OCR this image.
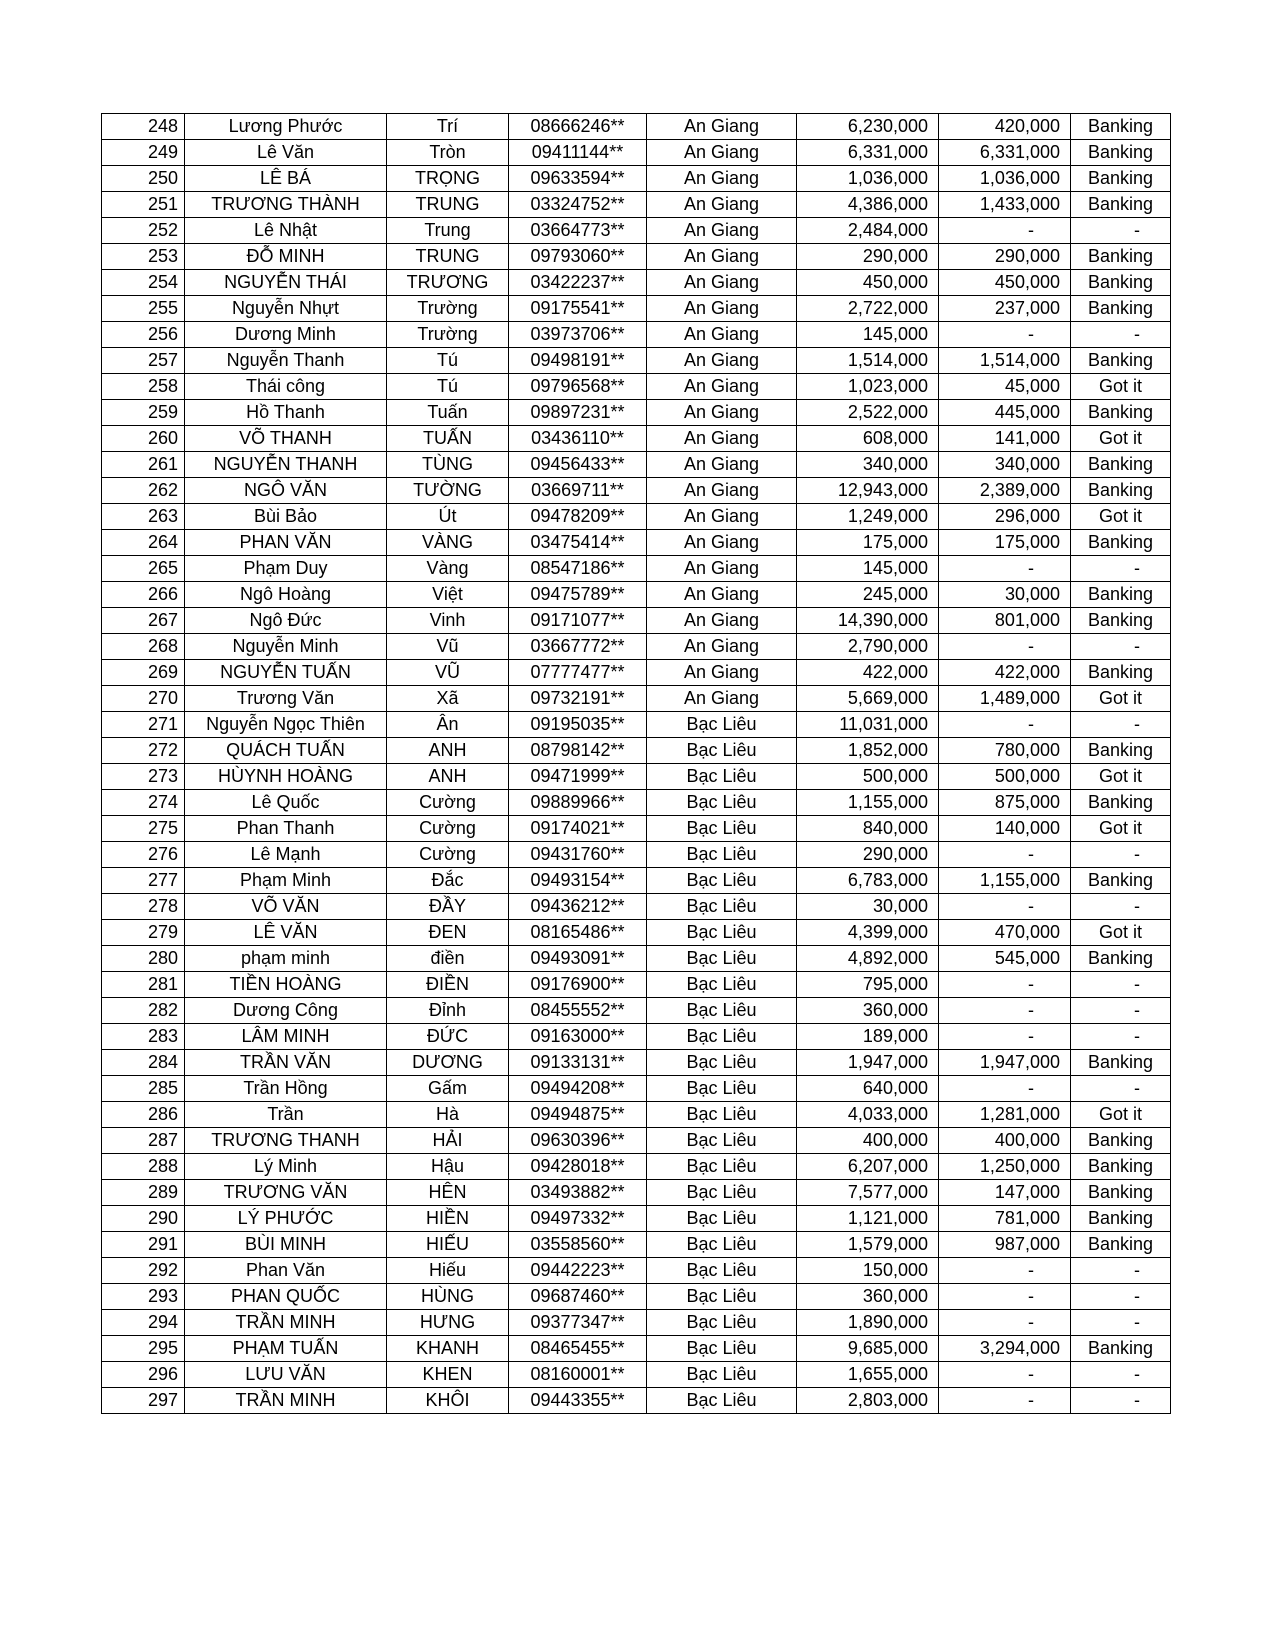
248	Lương Phước	Trí	08666246**	An Giang	6,230,000	420,000	Banking
249	Lê Văn	Tròn	09411144**	An Giang	6,331,000	6,331,000	Banking
250	LÊ BÁ	TRỌNG	09633594**	An Giang	1,036,000	1,036,000	Banking
251	TRƯƠNG THÀNH	TRUNG	03324752**	An Giang	4,386,000	1,433,000	Banking
252	Lê Nhật	Trung	03664773**	An Giang	2,484,000	-	-
253	ĐỖ MINH	TRUNG	09793060**	An Giang	290,000	290,000	Banking
254	NGUYỄN THÁI	TRƯƠNG	03422237**	An Giang	450,000	450,000	Banking
255	Nguyễn Nhựt	Trường	09175541**	An Giang	2,722,000	237,000	Banking
256	Dương Minh	Trường	03973706**	An Giang	145,000	-	-
257	Nguyễn Thanh	Tú	09498191**	An Giang	1,514,000	1,514,000	Banking
258	Thái công	Tú	09796568**	An Giang	1,023,000	45,000	Got it
259	Hồ Thanh	Tuấn	09897231**	An Giang	2,522,000	445,000	Banking
260	VÕ THANH	TUẤN	03436110**	An Giang	608,000	141,000	Got it
261	NGUYỄN THANH	TÙNG	09456433**	An Giang	340,000	340,000	Banking
262	NGÔ VĂN	TƯỜNG	03669711**	An Giang	12,943,000	2,389,000	Banking
263	Bùi Bảo	Út	09478209**	An Giang	1,249,000	296,000	Got it
264	PHAN VĂN	VÀNG	03475414**	An Giang	175,000	175,000	Banking
265	Phạm Duy	Vàng	08547186**	An Giang	145,000	-	-
266	Ngô Hoàng	Việt	09475789**	An Giang	245,000	30,000	Banking
267	Ngô Đức	Vinh	09171077**	An Giang	14,390,000	801,000	Banking
268	Nguyễn Minh	Vũ	03667772**	An Giang	2,790,000	-	-
269	NGUYỄN TUẤN	VŨ	07777477**	An Giang	422,000	422,000	Banking
270	Trương Văn	Xã	09732191**	An Giang	5,669,000	1,489,000	Got it
271	Nguyễn Ngọc Thiên	Ân	09195035**	Bạc Liêu	11,031,000	-	-
272	QUÁCH TUẤN	ANH	08798142**	Bạc Liêu	1,852,000	780,000	Banking
273	HÙYNH HOÀNG	ANH	09471999**	Bạc Liêu	500,000	500,000	Got it
274	Lê Quốc	Cường	09889966**	Bạc Liêu	1,155,000	875,000	Banking
275	Phan Thanh	Cường	09174021**	Bạc Liêu	840,000	140,000	Got it
276	Lê Mạnh	Cường	09431760**	Bạc Liêu	290,000	-	-
277	Phạm Minh	Đắc	09493154**	Bạc Liêu	6,783,000	1,155,000	Banking
278	VÕ VĂN	ĐẦY	09436212**	Bạc Liêu	30,000	-	-
279	LÊ VĂN	ĐEN	08165486**	Bạc Liêu	4,399,000	470,000	Got it
280	phạm minh	điền	09493091**	Bạc Liêu	4,892,000	545,000	Banking
281	TIỀN HOÀNG	ĐIỀN	09176900**	Bạc Liêu	795,000	-	-
282	Dương Công	Đỉnh	08455552**	Bạc Liêu	360,000	-	-
283	LÂM MINH	ĐỨC	09163000**	Bạc Liêu	189,000	-	-
284	TRẦN VĂN	DƯƠNG	09133131**	Bạc Liêu	1,947,000	1,947,000	Banking
285	Trần Hồng	Gấm	09494208**	Bạc Liêu	640,000	-	-
286	Trần	Hà	09494875**	Bạc Liêu	4,033,000	1,281,000	Got it
287	TRƯƠNG THANH	HẢI	09630396**	Bạc Liêu	400,000	400,000	Banking
288	Lý Minh	Hậu	09428018**	Bạc Liêu	6,207,000	1,250,000	Banking
289	TRƯƠNG VĂN	HÊN	03493882**	Bạc Liêu	7,577,000	147,000	Banking
290	LÝ PHƯỚC	HIỀN	09497332**	Bạc Liêu	1,121,000	781,000	Banking
291	BÙI MINH	HIẾU	03558560**	Bạc Liêu	1,579,000	987,000	Banking
292	Phan Văn	Hiếu	09442223**	Bạc Liêu	150,000	-	-
293	PHAN QUỐC	HÙNG	09687460**	Bạc Liêu	360,000	-	-
294	TRẦN MINH	HƯNG	09377347**	Bạc Liêu	1,890,000	-	-
295	PHẠM TUẤN	KHANH	08465455**	Bạc Liêu	9,685,000	3,294,000	Banking
296	LƯU VĂN	KHEN	08160001**	Bạc Liêu	1,655,000	-	-
297	TRẦN MINH	KHÔI	09443355**	Bạc Liêu	2,803,000	-	-
